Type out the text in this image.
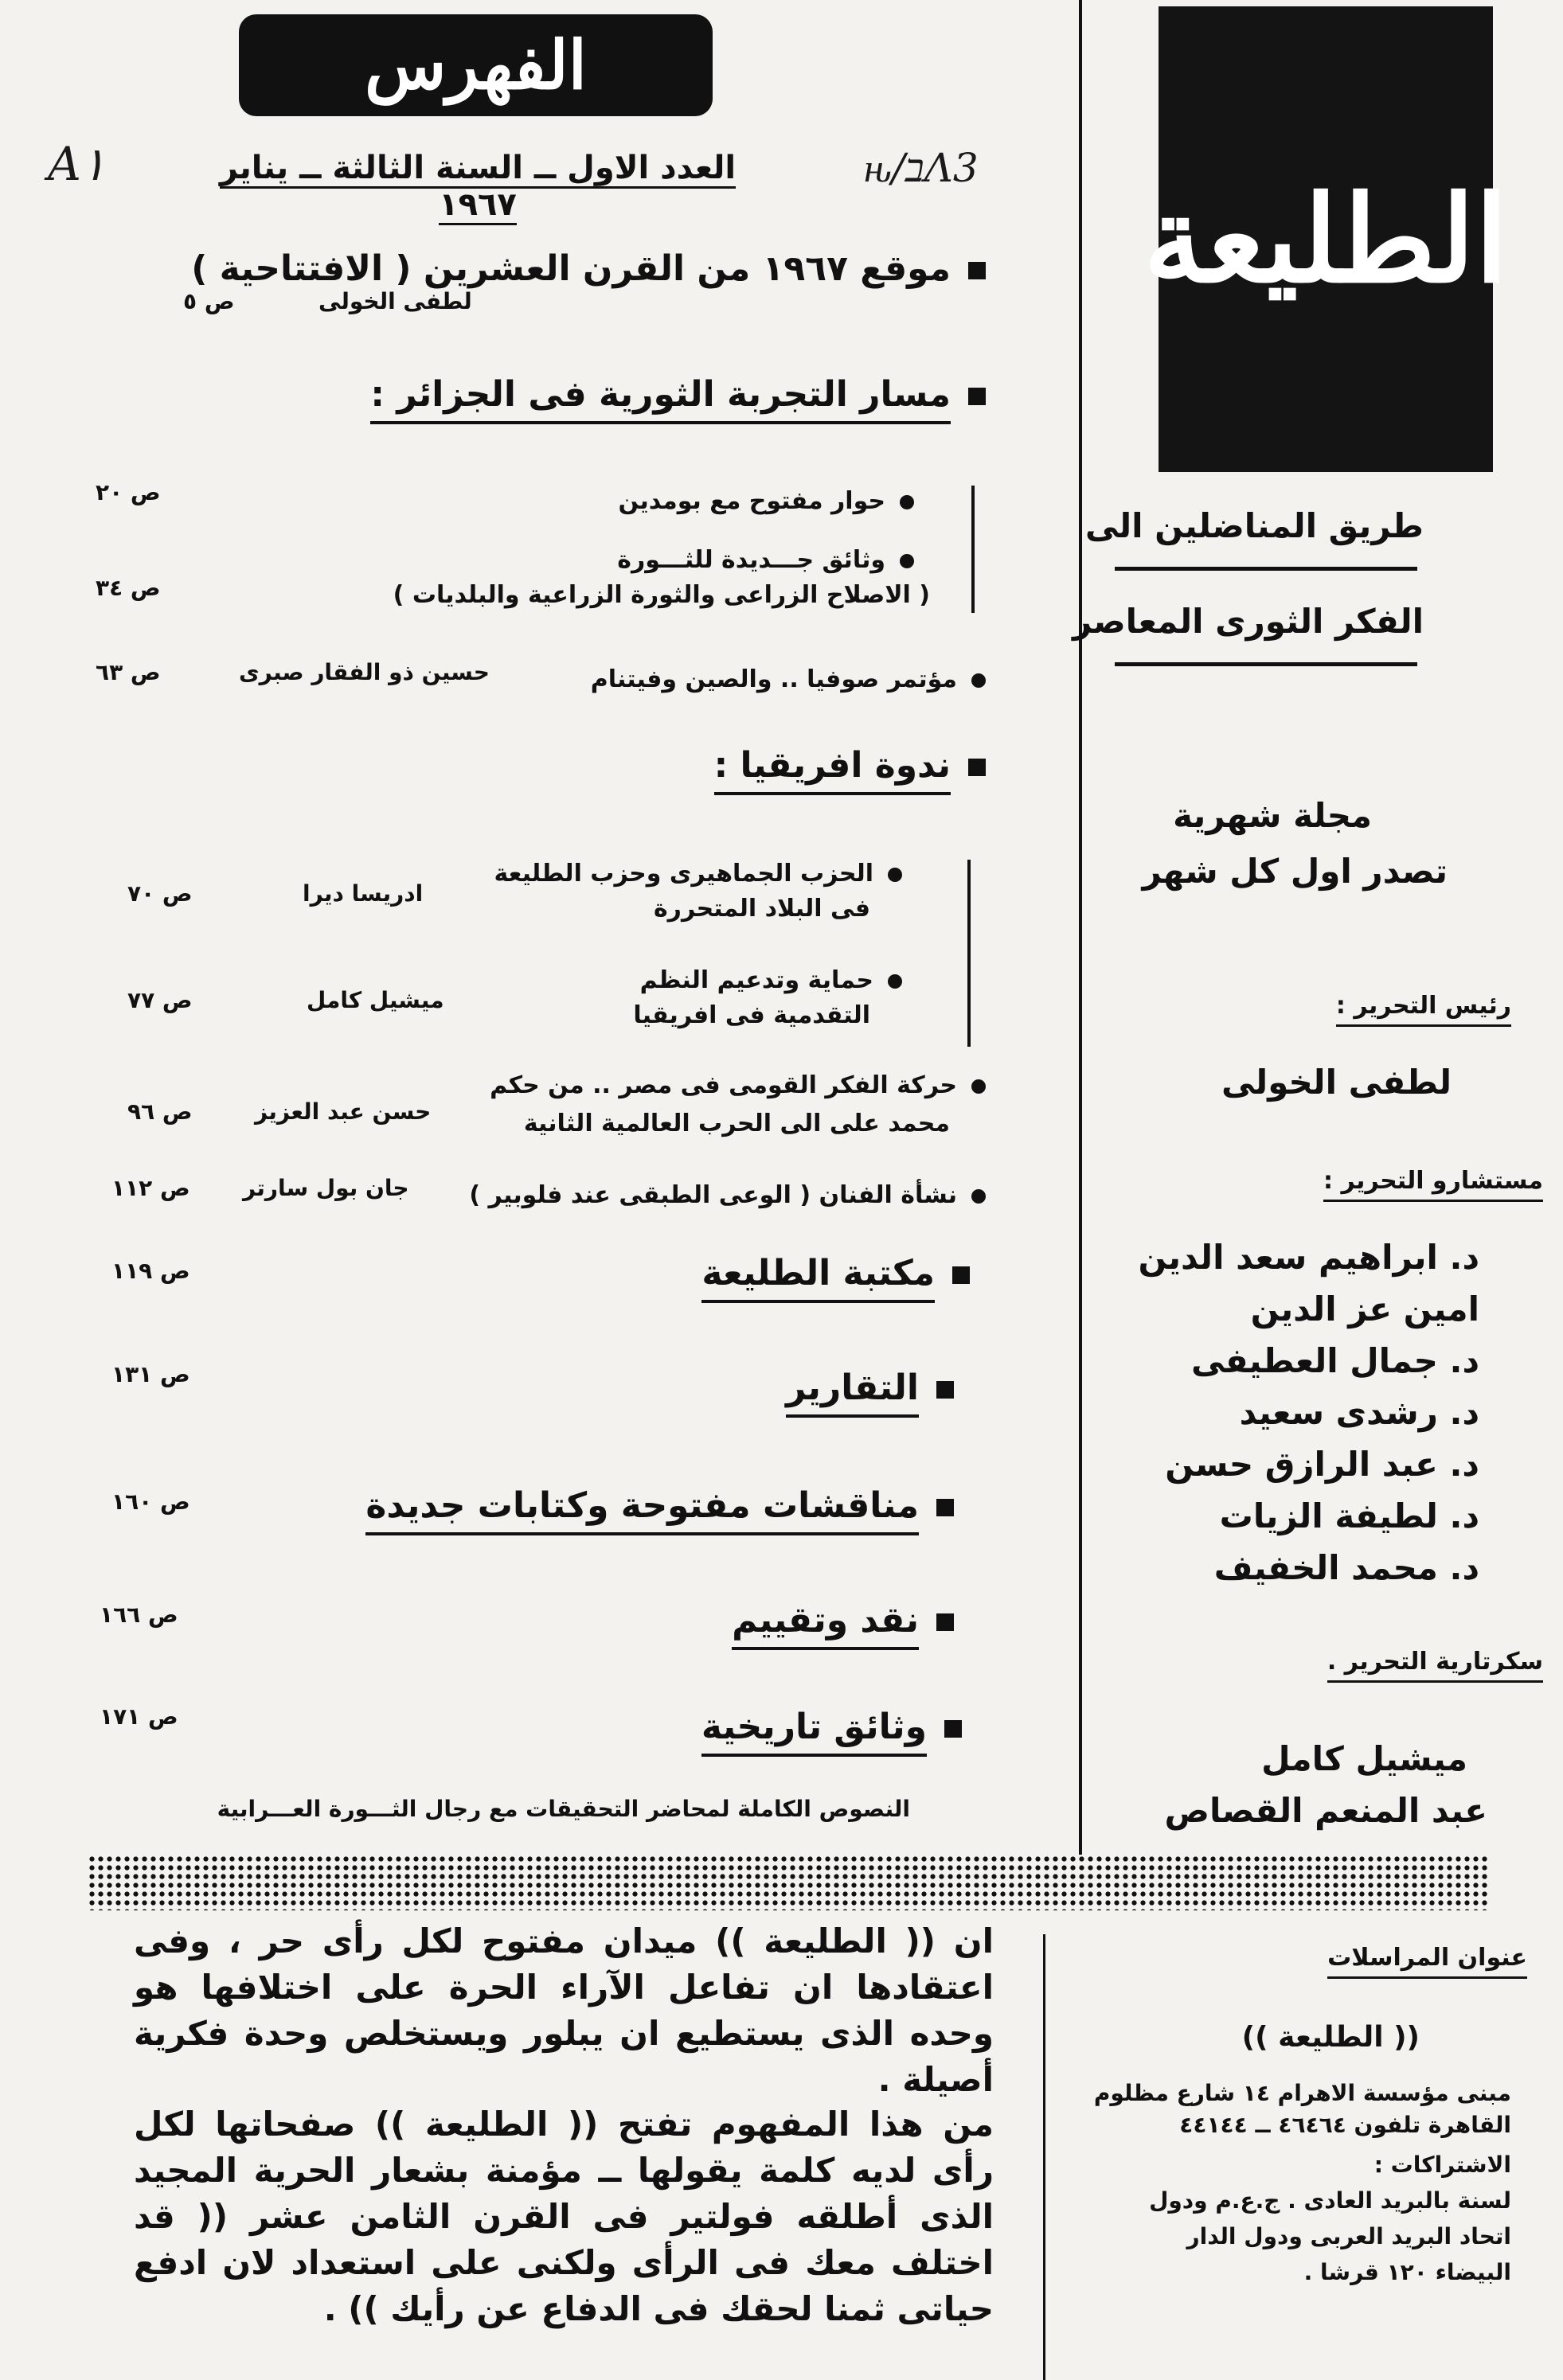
الفهرس
A١	Λ3ב/ԋ
العدد الاول ــ السنة الثالثة ــ يناير ١٩٦٧
موقع ١٩٦٧ من القرن العشرين ( الافتتاحية )
لطفى الخولى
ص ٥
مسار التجربة الثورية فى الجزائر :
حوار مفتوح مع بومدين
ص ٢٠
وثائق جـــديدة للثـــورة
( الاصلاح الزراعى والثورة الزراعية والبلديات )
ص ٣٤
مؤتمر صوفيا .. والصين وفيتنام
حسين ذو الفقار صبرى
ص ٦٣
ندوة افريقيا :
الحزب الجماهيرى وحزب الطليعة
فى البلاد المتحررة
ادريسا ديرا
ص ٧٠
حماية وتدعيم النظم
التقدمية فى افريقيا
ميشيل كامل
ص ٧٧
حركة الفكر القومى فى مصر .. من حكم
محمد على الى الحرب العالمية الثانية
حسن عبد العزيز
ص ٩٦
نشأة الفنان ( الوعى الطبقى عند فلوبير )
جان بول سارتر
ص ١١٢
مكتبة الطليعة
ص ١١٩
التقارير
ص ١٣١
مناقشات مفتوحة وكتابات جديدة
ص ١٦٠
نقد وتقييم
ص ١٦٦
وثائق تاريخية
ص ١٧١
النصوص الكاملة لمحاضر التحقيقات مع رجال الثـــورة العـــرابية
الطليعة
طريق المناضلين الى
الفكر الثورى المعاصر
مجلة شهرية
تصدر اول كل شهر
رئيس التحرير :
لطفى الخولى
مستشارو التحرير :
د. ابراهيم سعد الدين
امين عز الدين
د. جمال العطيفى
د. رشدى سعيد
د. عبد الرازق حسن
د. لطيفة الزيات
د. محمد الخفيف
سكرتارية التحرير .
ميشيل كامل
عبد المنعم القصاص
ان (( الطليعة )) ميدان مفتوح لكل رأى حر ، وفى اعتقادها ان تفاعل الآراء الحرة على اختلافها هو وحده الذى يستطيع ان يبلور ويستخلص وحدة فكرية أصيلة .
من هذا المفهوم تفتح (( الطليعة )) صفحاتها لكل رأى لديه كلمة يقولها ــ مؤمنة بشعار الحرية المجيد الذى أطلقه فولتير فى القرن الثامن عشر (( قد اختلف معك فى الرأى ولكنى على استعداد لان ادفع حياتى ثمنا لحقك فى الدفاع عن رأيك )) .
عنوان المراسلات
(( الطليعة ))
مبنى مؤسسة الاهرام ١٤ شارع مظلوم
القاهرة تلفون ٤٦٤٦٤ ــ ٤٤١٤٤
الاشتراكات :
لسنة بالبريد العادى . ج.ع.م ودول
اتحاد البريد العربى ودول الدار
البيضاء ١٢٠ قرشا .
